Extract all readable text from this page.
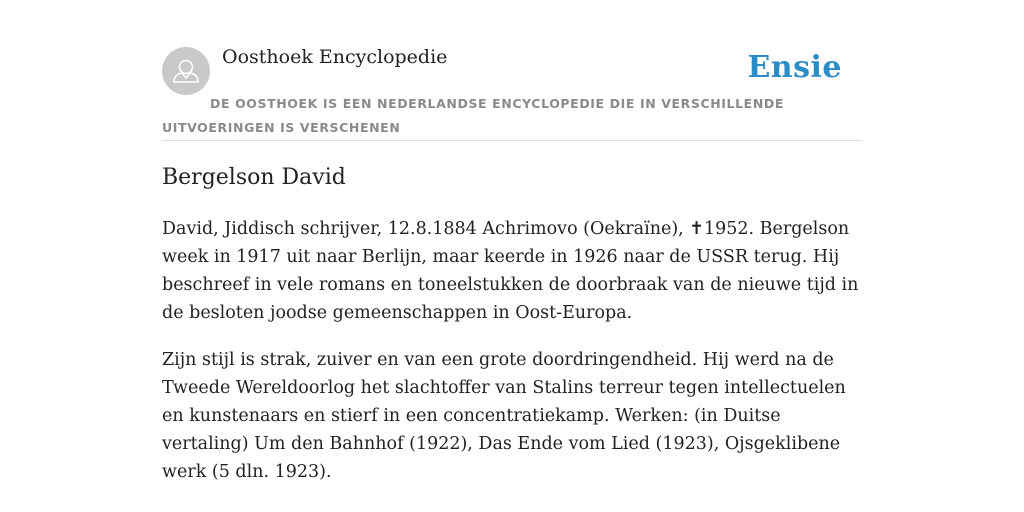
Oosthoek Encyclopedie	Ensie
DE OOSTHOEK IS EEN NEDERLANDSE ENCYCLOPEDIE DIE IN VERSCHILLENDE UITVOERINGEN IS VERSCHENEN
Bergelson David

David, Jiddisch schrijver, 12.8.1884 Achrimovo (Oekraïne), ✝1952. Bergelson week in 1917 uit naar Berlijn, maar keerde in 1926 naar de USSR terug. Hij beschreef in vele romans en toneelstukken de doorbraak van de nieuwe tijd in de besloten joodse gemeenschappen in Oost-Europa.

Zijn stijl is strak, zuiver en van een grote doordringendheid. Hij werd na de Tweede Wereldoorlog het slachtoffer van Stalins terreur tegen intellectuelen en kunstenaars en stierf in een concentratiekamp. Werken: (in Duitse vertaling) Um den Bahnhof (1922), Das Ende vom Lied (1923), Ojsgeklibene werk (5 dln. 1923).
